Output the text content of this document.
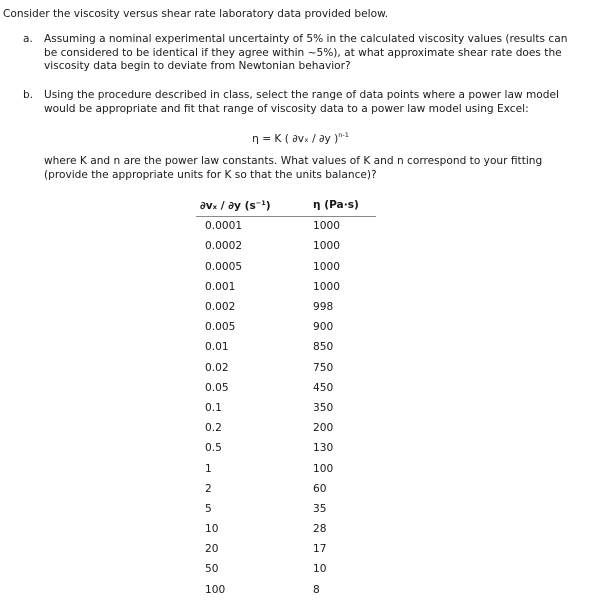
Consider the viscosity versus shear rate laboratory data provided below.
a. Assuming a nominal experimental uncertainty of 5% in the calculated viscosity values (results can be considered to be identical if they agree within ~5%), at what approximate shear rate does the viscosity data begin to deviate from Newtonian behavior?
b. Using the procedure described in class, select the range of data points where a power law model would be appropriate and fit that range of viscosity data to a power law model using Excel:
η = K ( ∂vₓ / ∂y )$^{n-1}$
where K and n are the power law constants. What values of K and n correspond to your fitting (provide the appropriate units for K so that the units balance)?
∂vₓ / ∂y $(s^{-1})$	η (Pa·s)
0.0001	1000
0.0002	1000
0.0005	1000
0.001	1000
0.002	998
0.005	900
0.01	850
0.02	750
0.05	450
0.1	350
0.2	200
0.5	130
1	100
2	60
5	35
10	28
20	17
50	10
100	8
